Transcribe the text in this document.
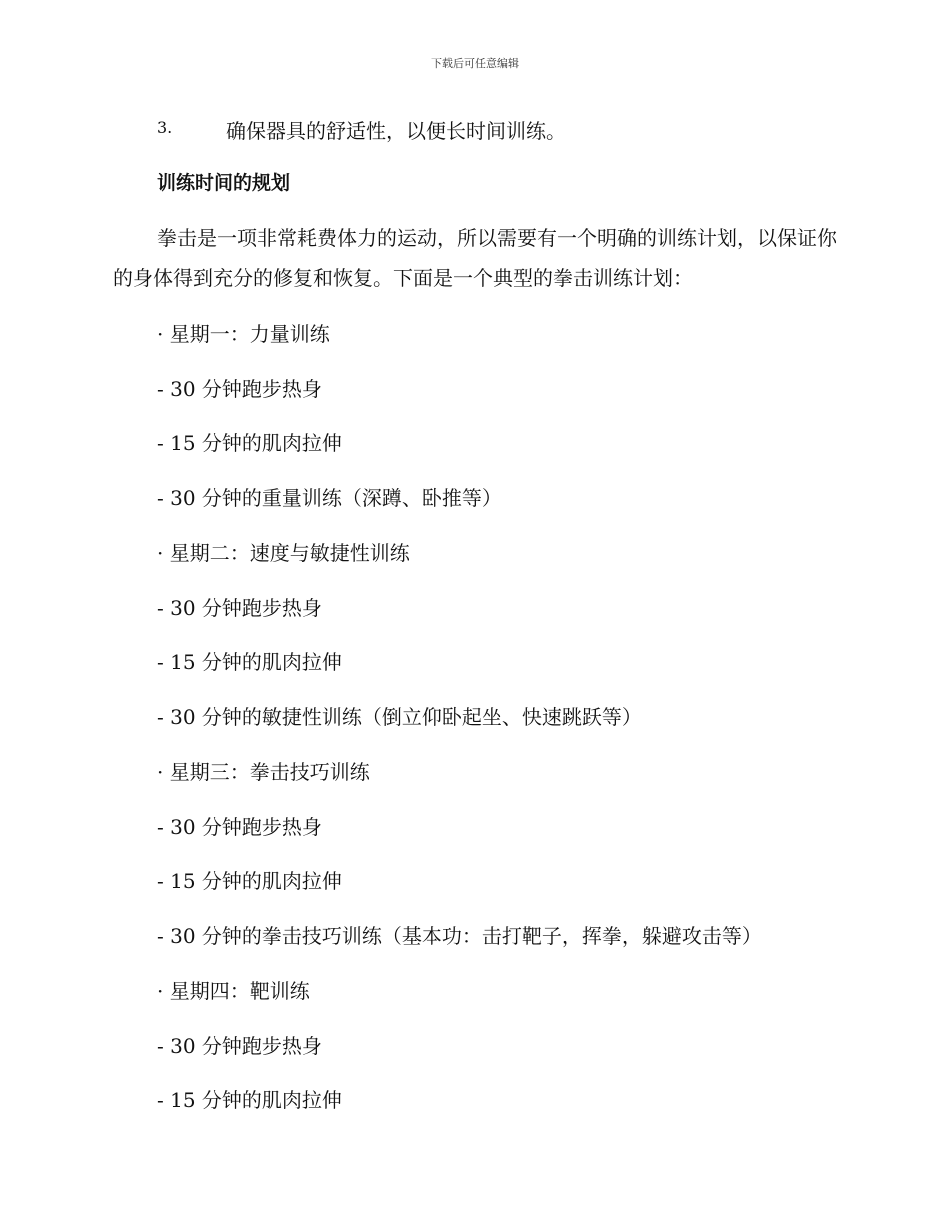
下载后可任意编辑
3.	确保器具的舒适性，以便长时间训练。
训练时间的规划
拳击是一项非常耗费体力的运动，所以需要有一个明确的训练计划，以保证你的身体得到充分的修复和恢复。下面是一个典型的拳击训练计划：
· 星期一：力量训练
- 30 分钟跑步热身
- 15 分钟的肌肉拉伸
- 30 分钟的重量训练（深蹲、卧推等）
· 星期二：速度与敏捷性训练
- 30 分钟跑步热身
- 15 分钟的肌肉拉伸
- 30 分钟的敏捷性训练（倒立仰卧起坐、快速跳跃等）
· 星期三：拳击技巧训练
- 30 分钟跑步热身
- 15 分钟的肌肉拉伸
- 30 分钟的拳击技巧训练（基本功：击打靶子，挥拳，躲避攻击等）
· 星期四：靶训练
- 30 分钟跑步热身
- 15 分钟的肌肉拉伸
